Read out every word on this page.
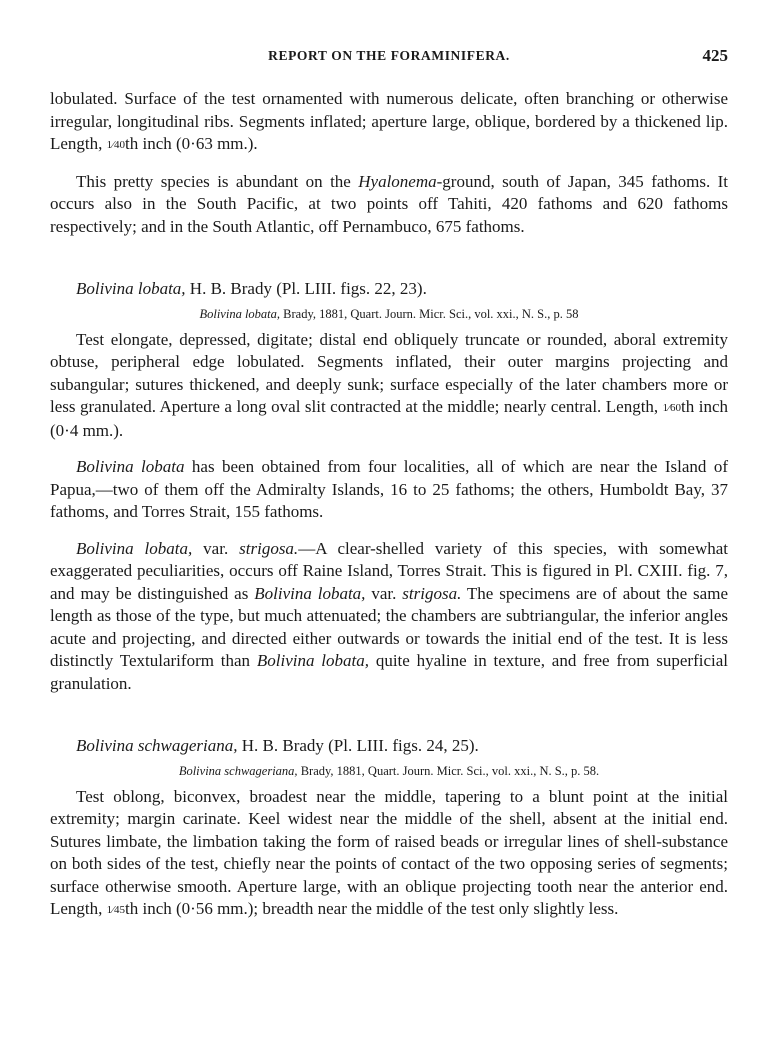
REPORT ON THE FORAMINIFERA.	425

lobulated. Surface of the test ornamented with numerous delicate, often branching or otherwise irregular, longitudinal ribs. Segments inflated; aperture large, oblique, bordered by a thickened lip. Length, 1⁄40th inch (0·63 mm.).

This pretty species is abundant on the Hyalonema-ground, south of Japan, 345 fathoms. It occurs also in the South Pacific, at two points off Tahiti, 420 fathoms and 620 fathoms respectively; and in the South Atlantic, off Pernambuco, 675 fathoms.

Bolivina lobata, H. B. Brady (Pl. LIII. figs. 22, 23).

Bolivina lobata, Brady, 1881, Quart. Journ. Micr. Sci., vol. xxi., N. S., p. 58

Test elongate, depressed, digitate; distal end obliquely truncate or rounded, aboral extremity obtuse, peripheral edge lobulated. Segments inflated, their outer margins projecting and subangular; sutures thickened, and deeply sunk; surface especially of the later chambers more or less granulated. Aperture a long oval slit contracted at the middle; nearly central. Length, 1⁄60th inch (0·4 mm.).

Bolivina lobata has been obtained from four localities, all of which are near the Island of Papua,—two of them off the Admiralty Islands, 16 to 25 fathoms; the others, Humboldt Bay, 37 fathoms, and Torres Strait, 155 fathoms.

Bolivina lobata, var. strigosa.—A clear-shelled variety of this species, with somewhat exaggerated peculiarities, occurs off Raine Island, Torres Strait. This is figured in Pl. CXIII. fig. 7, and may be distinguished as Bolivina lobata, var. strigosa. The specimens are of about the same length as those of the type, but much attenuated; the chambers are subtriangular, the inferior angles acute and projecting, and directed either outwards or towards the initial end of the test. It is less distinctly Textulariform than Bolivina lobata, quite hyaline in texture, and free from superficial granulation.

Bolivina schwageriana, H. B. Brady (Pl. LIII. figs. 24, 25).

Bolivina schwageriana, Brady, 1881, Quart. Journ. Micr. Sci., vol. xxi., N. S., p. 58.

Test oblong, biconvex, broadest near the middle, tapering to a blunt point at the initial extremity; margin carinate. Keel widest near the middle of the shell, absent at the initial end. Sutures limbate, the limbation taking the form of raised beads or irregular lines of shell-substance on both sides of the test, chiefly near the points of contact of the two opposing series of segments; surface otherwise smooth. Aperture large, with an oblique projecting tooth near the anterior end. Length, 1⁄45th inch (0·56 mm.); breadth near the middle of the test only slightly less.
